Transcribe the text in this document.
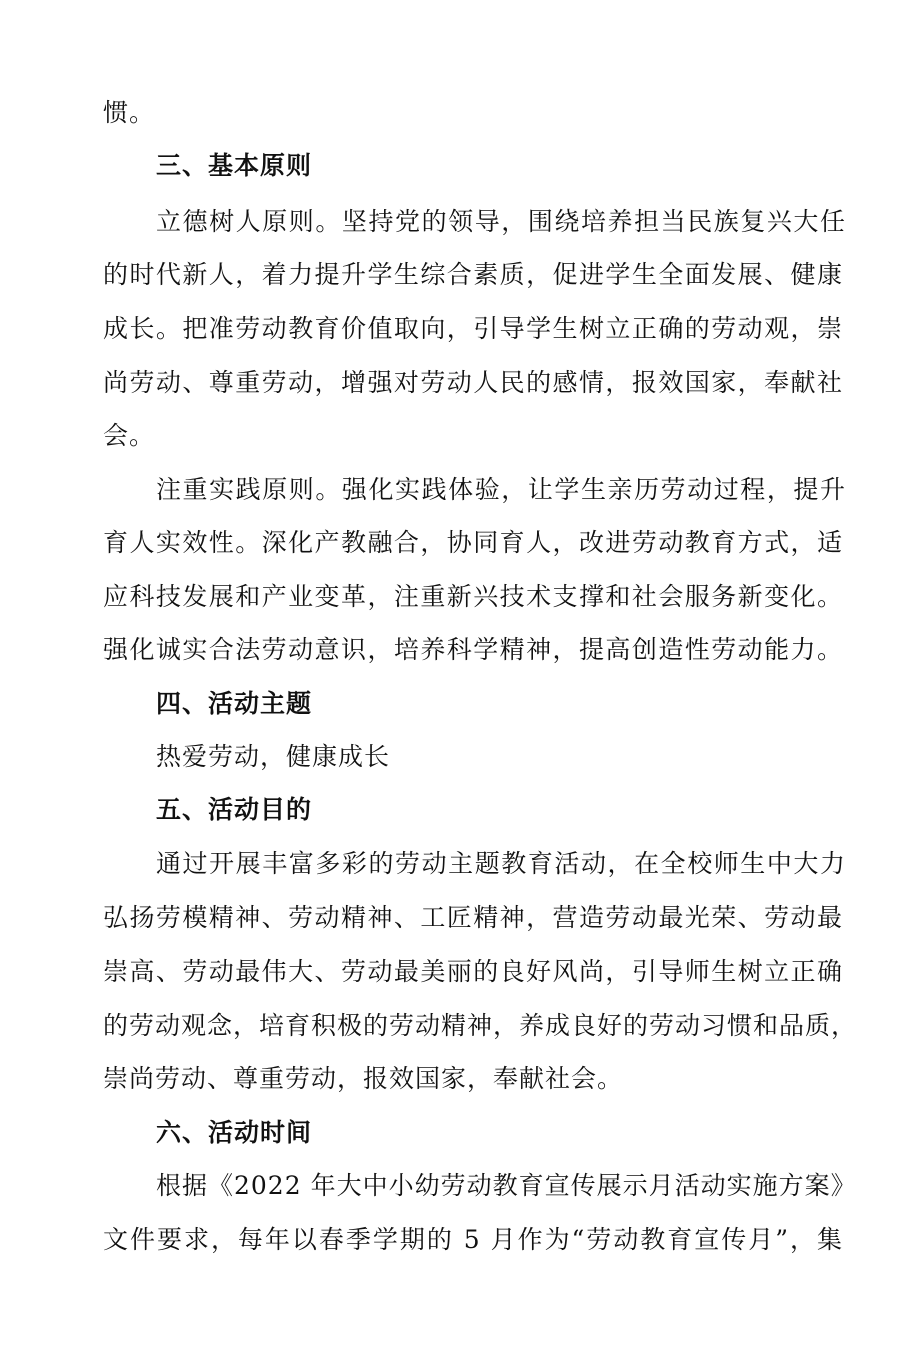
惯。
三、基本原则
立德树人原则。坚持党的领导，围绕培养担当民族复兴大任
的时代新人，着力提升学生综合素质，促进学生全面发展、健康
成长。把准劳动教育价值取向，引导学生树立正确的劳动观，崇
尚劳动、尊重劳动，增强对劳动人民的感情，报效国家，奉献社
会。
注重实践原则。强化实践体验，让学生亲历劳动过程，提升
育人实效性。深化产教融合，协同育人，改进劳动教育方式，适
应科技发展和产业变革，注重新兴技术支撑和社会服务新变化。
强化诚实合法劳动意识，培养科学精神，提高创造性劳动能力。
四、活动主题
热爱劳动，健康成长
五、活动目的
通过开展丰富多彩的劳动主题教育活动，在全校师生中大力
弘扬劳模精神、劳动精神、工匠精神，营造劳动最光荣、劳动最
崇高、劳动最伟大、劳动最美丽的良好风尚，引导师生树立正确
的劳动观念，培育积极的劳动精神，养成良好的劳动习惯和品质，
崇尚劳动、尊重劳动，报效国家，奉献社会。
六、活动时间
根据《2022 年大中小幼劳动教育宣传展示月活动实施方案》
文件要求，每年以春季学期的 5 月作为“劳动教育宣传月”，集
